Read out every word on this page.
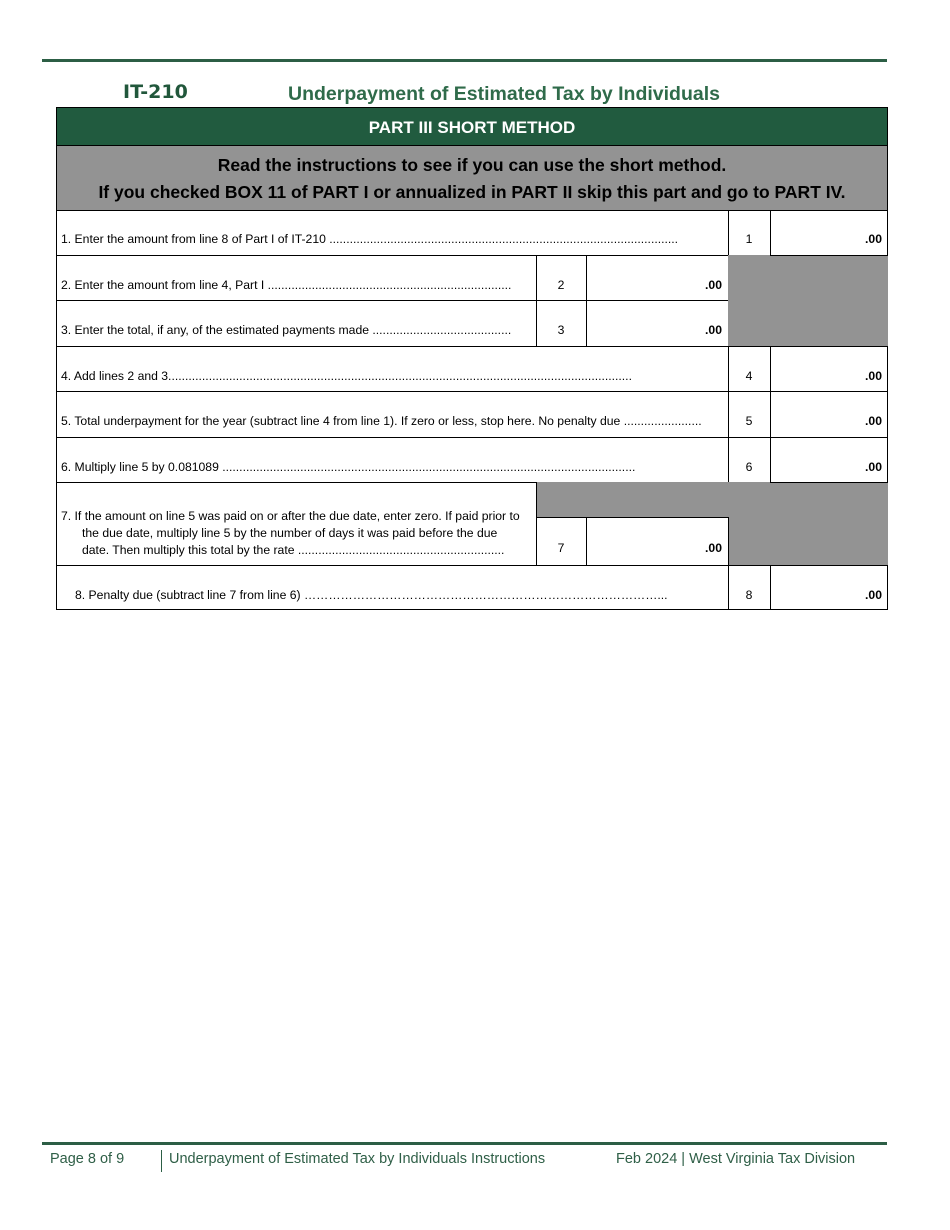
IT-210	Underpayment of Estimated Tax by Individuals
PART III SHORT METHOD
Read the instructions to see if you can use the short method.
If you checked BOX 11 of PART I or annualized in PART II skip this part and go to PART IV.
1. Enter the amount from line 8 of Part I of IT-210 .......................................................................................................	1	.00
2. Enter the amount from line 4, Part I ........................................................................	2	.00
3. Enter the total, if any, of the estimated payments made .........................................	3	.00
4. Add lines 2 and 3.........................................................................................................................................	4	.00
5. Total underpayment for the year (subtract line 4 from line 1). If zero or less, stop here. No penalty due .......................	5	.00
6. Multiply line 5 by 0.081089 ..........................................................................................................................	6	.00
7. If the amount on line 5 was paid on or after the due date, enter zero. If paid prior to
the due date, multiply line 5 by the number of days it was paid before the due
date. Then multiply this total by the rate .............................................................	7	.00
8. Penalty due (subtract line 7 from line 6) ……………………………………………………………………………...	8	.00
Page 8 of 9	Underpayment of Estimated Tax by Individuals Instructions	Feb 2024 | West Virginia Tax Division
